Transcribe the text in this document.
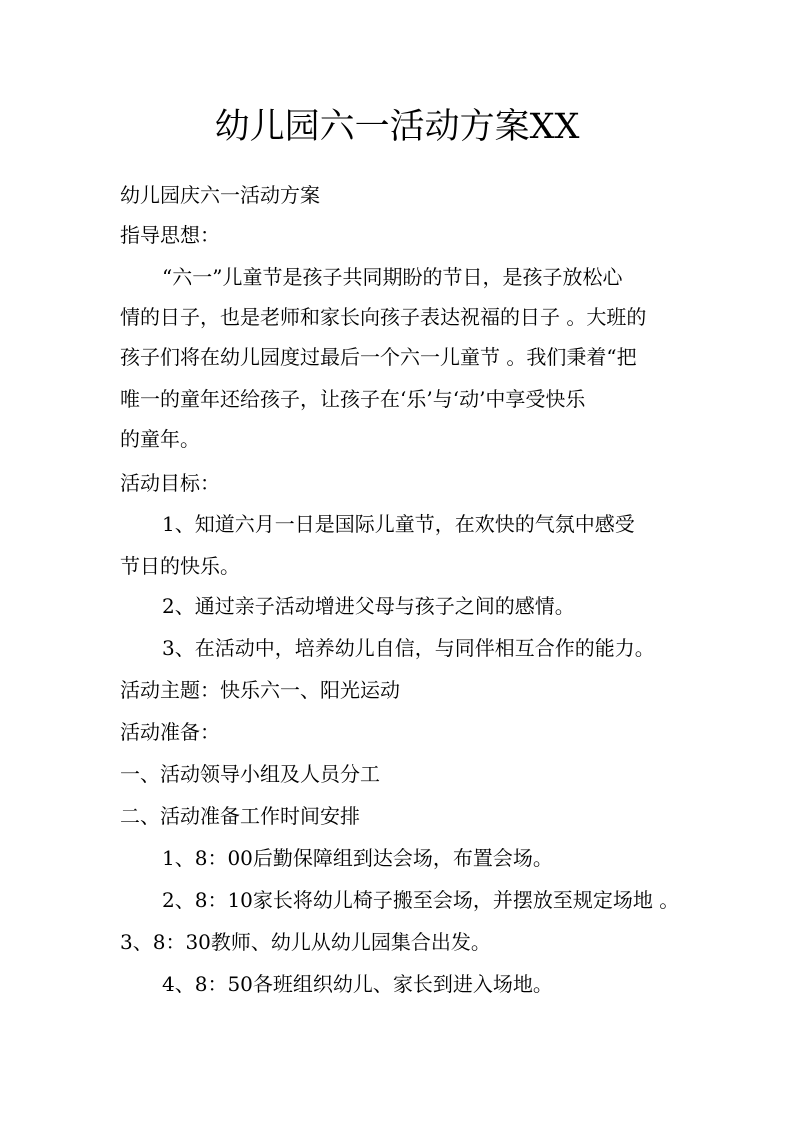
幼儿园六一活动方案XX
幼儿园庆六一活动方案
指导思想：
“六一”儿童节是孩子共同期盼的节日，是孩子放松心
情的日子，也是老师和家长向孩子表达祝福的日子 。大班的
孩子们将在幼儿园度过最后一个六一儿童节 。我们秉着“把
唯一的童年还给孩子，让孩子在‘乐’与‘动’中享受快乐
的童年。
活动目标：
1、知道六月一日是国际儿童节，在欢快的气氛中感受
节日的快乐。
2、通过亲子活动增进父母与孩子之间的感情。
3、在活动中，培养幼儿自信，与同伴相互合作的能力。
活动主题：快乐六一、阳光运动
活动准备：
一、活动领导小组及人员分工
二、活动准备工作时间安排
1、8：00后勤保障组到达会场，布置会场。
2、8：10家长将幼儿椅子搬至会场，并摆放至规定场地 。
3、8：30教师、幼儿从幼儿园集合出发。
4、8：50各班组织幼儿、家长到进入场地。
